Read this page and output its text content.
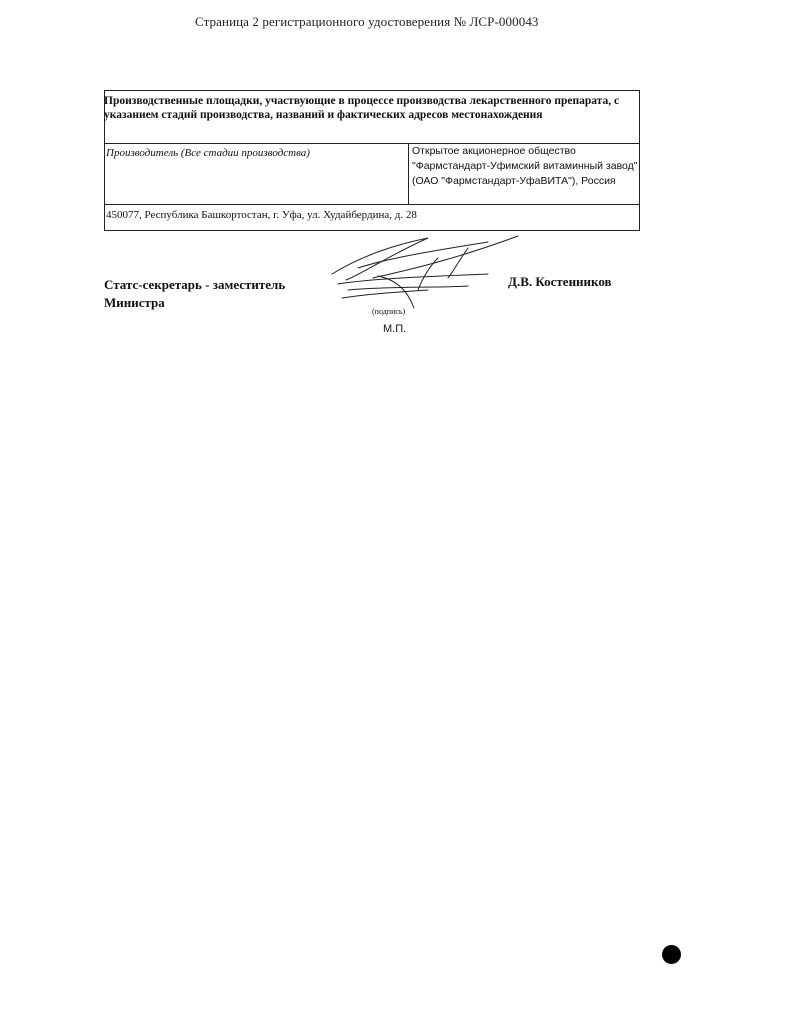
Страница 2 регистрационного удостоверения № ЛСР-000043
Производственные площадки, участвующие в процессе производства лекарственного препарата, с указанием стадий производства, названий и фактических адресов местонахождения
Производитель (Все стадии производства)	Открытое акционерное общество "Фармстандарт-Уфимский витаминный завод" (ОАО "Фармстандарт-УфаВИТА"), Россия
450077, Республика Башкортостан, г. Уфа, ул. Худайбердина, д. 28
Статс-секретарь - заместитель Министра
(подпись)
М.П.
Д.В. Костенников
